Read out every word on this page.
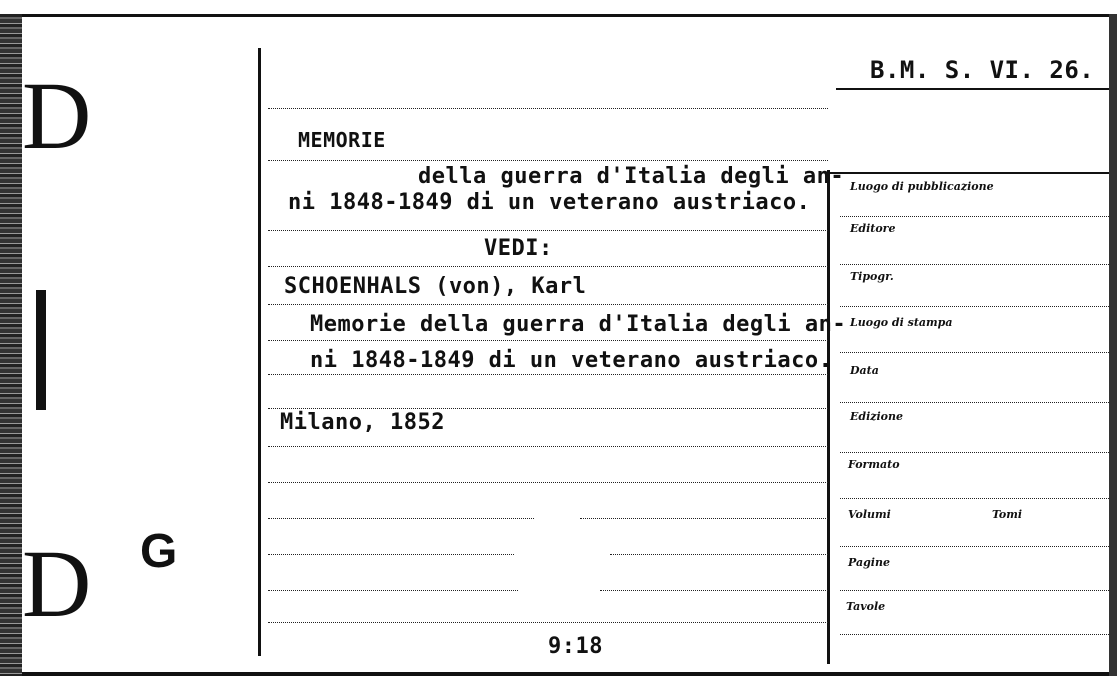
D
D G
B.M. S. VI. 26.
MEMORIE
della guerra d'Italia degli an-
ni 1848-1849 di un veterano austriaco.
VEDI:
SCHOENHALS (von), Karl
Memorie della guerra d'Italia degli an-
ni 1848-1849 di un veterano austriaco.
Milano, 1852
9:18
Luogo di pubblicazione
Editore
Tipogr.
Luogo di stampa
Data
Edizione
Formato
Volumi	Tomi
Pagine
Tavole
